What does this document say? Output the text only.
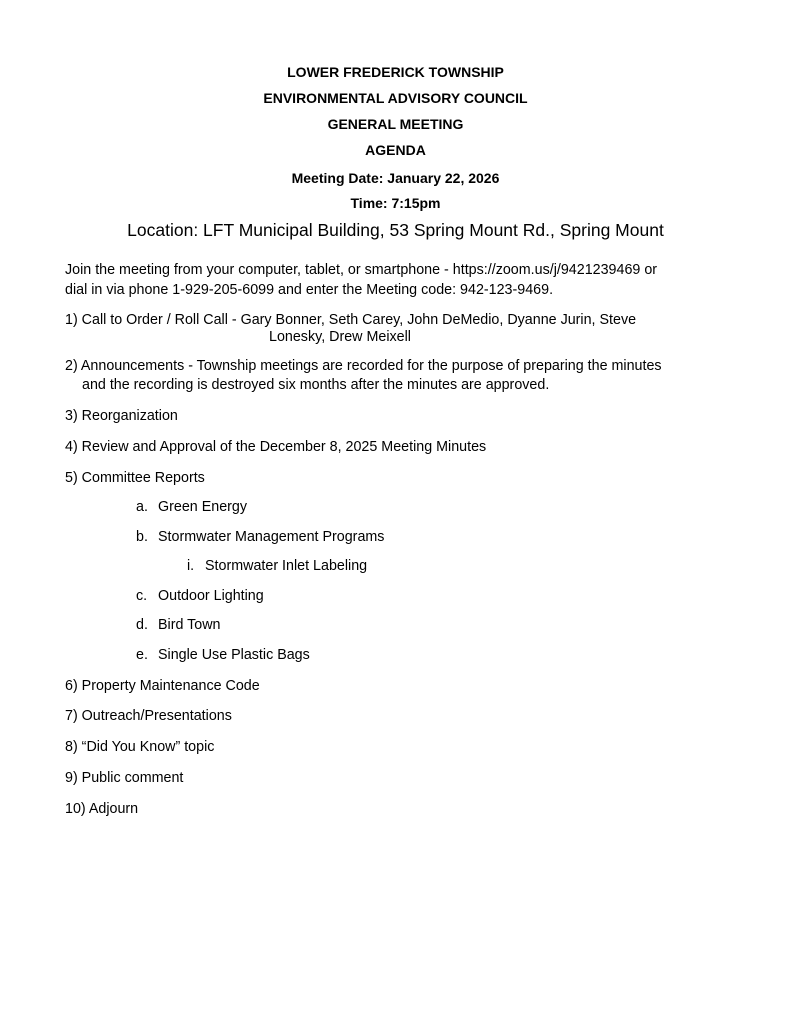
LOWER FREDERICK TOWNSHIP
ENVIRONMENTAL ADVISORY COUNCIL
GENERAL MEETING
AGENDA
Meeting Date: January 22, 2026
Time: 7:15pm
Location: LFT Municipal Building, 53 Spring Mount Rd., Spring Mount
Join the meeting from your computer, tablet, or smartphone - https://zoom.us/j/9421239469 or
dial in via phone 1-929-205-6099 and enter the Meeting code: 942-123-9469.
1) Call to Order / Roll Call - Gary Bonner, Seth Carey, John DeMedio, Dyanne Jurin, Steve
Lonesky, Drew Meixell
2) Announcements - Township meetings are recorded for the purpose of preparing the minutes
and the recording is destroyed six months after the minutes are approved.
3) Reorganization
4) Review and Approval of the December 8, 2025 Meeting Minutes
5) Committee Reports
a. Green Energy
b. Stormwater Management Programs
i. Stormwater Inlet Labeling
c. Outdoor Lighting
d. Bird Town
e. Single Use Plastic Bags
6) Property Maintenance Code
7) Outreach/Presentations
8) “Did You Know” topic
9) Public comment
10) Adjourn
